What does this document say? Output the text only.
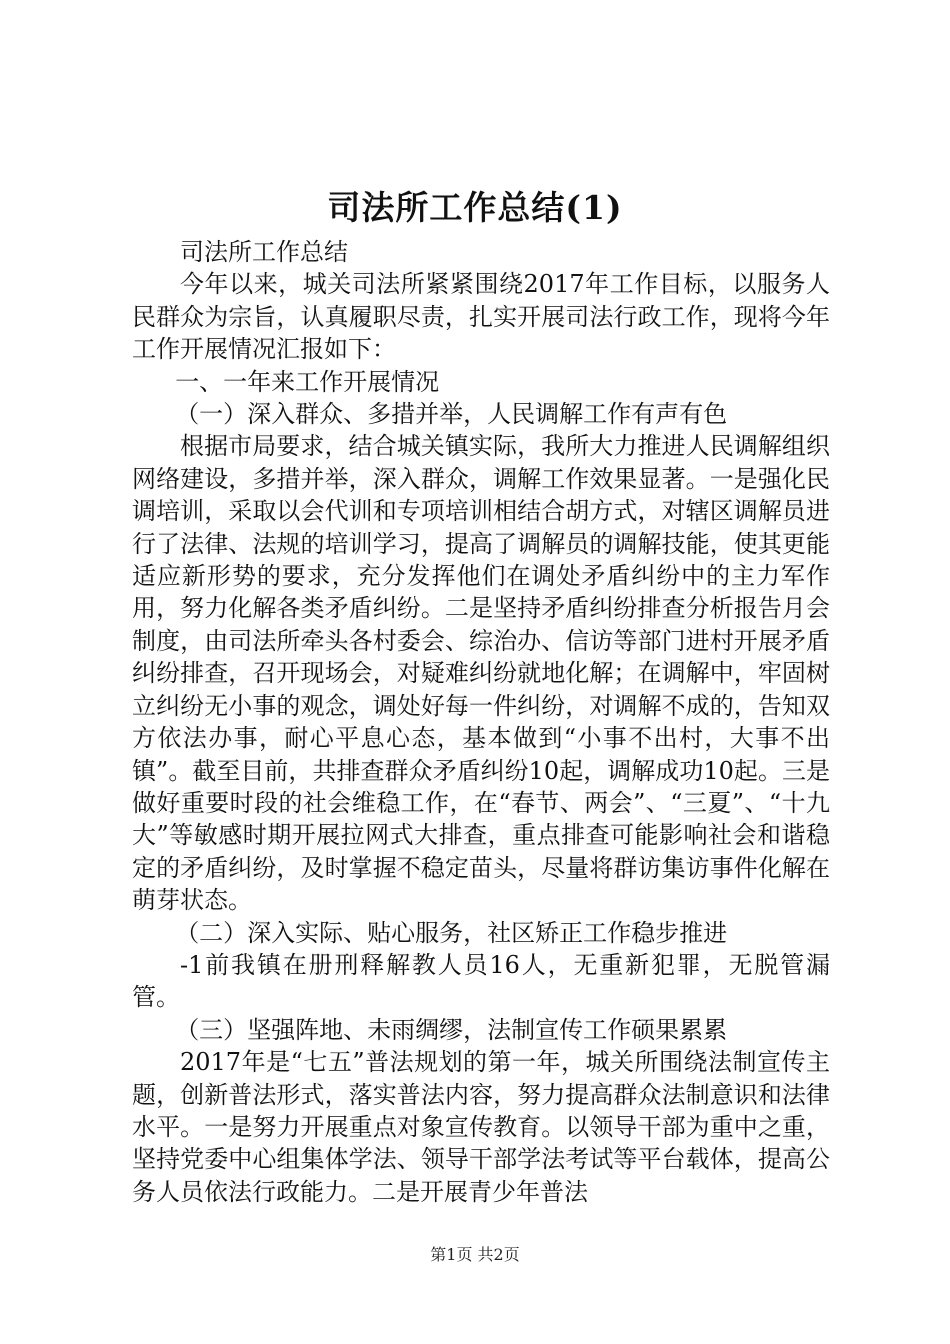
司法所工作总结(1)

司法所工作总结

今年以来，城关司法所紧紧围绕2017年工作目标，以服务人民群众为宗旨，认真履职尽责，扎实开展司法行政工作，现将今年工作开展情况汇报如下：

一、一年来工作开展情况

（一）深入群众、多措并举，人民调解工作有声有色

根据市局要求，结合城关镇实际，我所大力推进人民调解组织网络建设，多措并举，深入群众，调解工作效果显著。一是强化民调培训，采取以会代训和专项培训相结合胡方式，对辖区调解员进行了法律、法规的培训学习，提高了调解员的调解技能，使其更能适应新形势的要求，充分发挥他们在调处矛盾纠纷中的主力军作用，努力化解各类矛盾纠纷。二是坚持矛盾纠纷排查分析报告月会制度，由司法所牵头各村委会、综治办、信访等部门进村开展矛盾纠纷排查，召开现场会，对疑难纠纷就地化解；在调解中，牢固树立纠纷无小事的观念，调处好每一件纠纷，对调解不成的，告知双方依法办事，耐心平息心态，基本做到“小事不出村，大事不出镇”。截至目前，共排查群众矛盾纠纷10起，调解成功10起。三是做好重要时段的社会维稳工作，在“春节、两会”、“三夏”、“十九大”等敏感时期开展拉网式大排查，重点排查可能影响社会和谐稳定的矛盾纠纷，及时掌握不稳定苗头，尽量将群访集访事件化解在萌芽状态。

（二）深入实际、贴心服务，社区矫正工作稳步推进

-1前我镇在册刑释解教人员16人，无重新犯罪，无脱管漏管。

（三）坚强阵地、未雨绸缪，法制宣传工作硕果累累

2017年是“七五”普法规划的第一年，城关所围绕法制宣传主题，创新普法形式，落实普法内容，努力提高群众法制意识和法律水平。一是努力开展重点对象宣传教育。以领导干部为重中之重，坚持党委中心组集体学法、领导干部学法考试等平台载体，提高公务人员依法行政能力。二是开展青少年普法

第1页 共2页
